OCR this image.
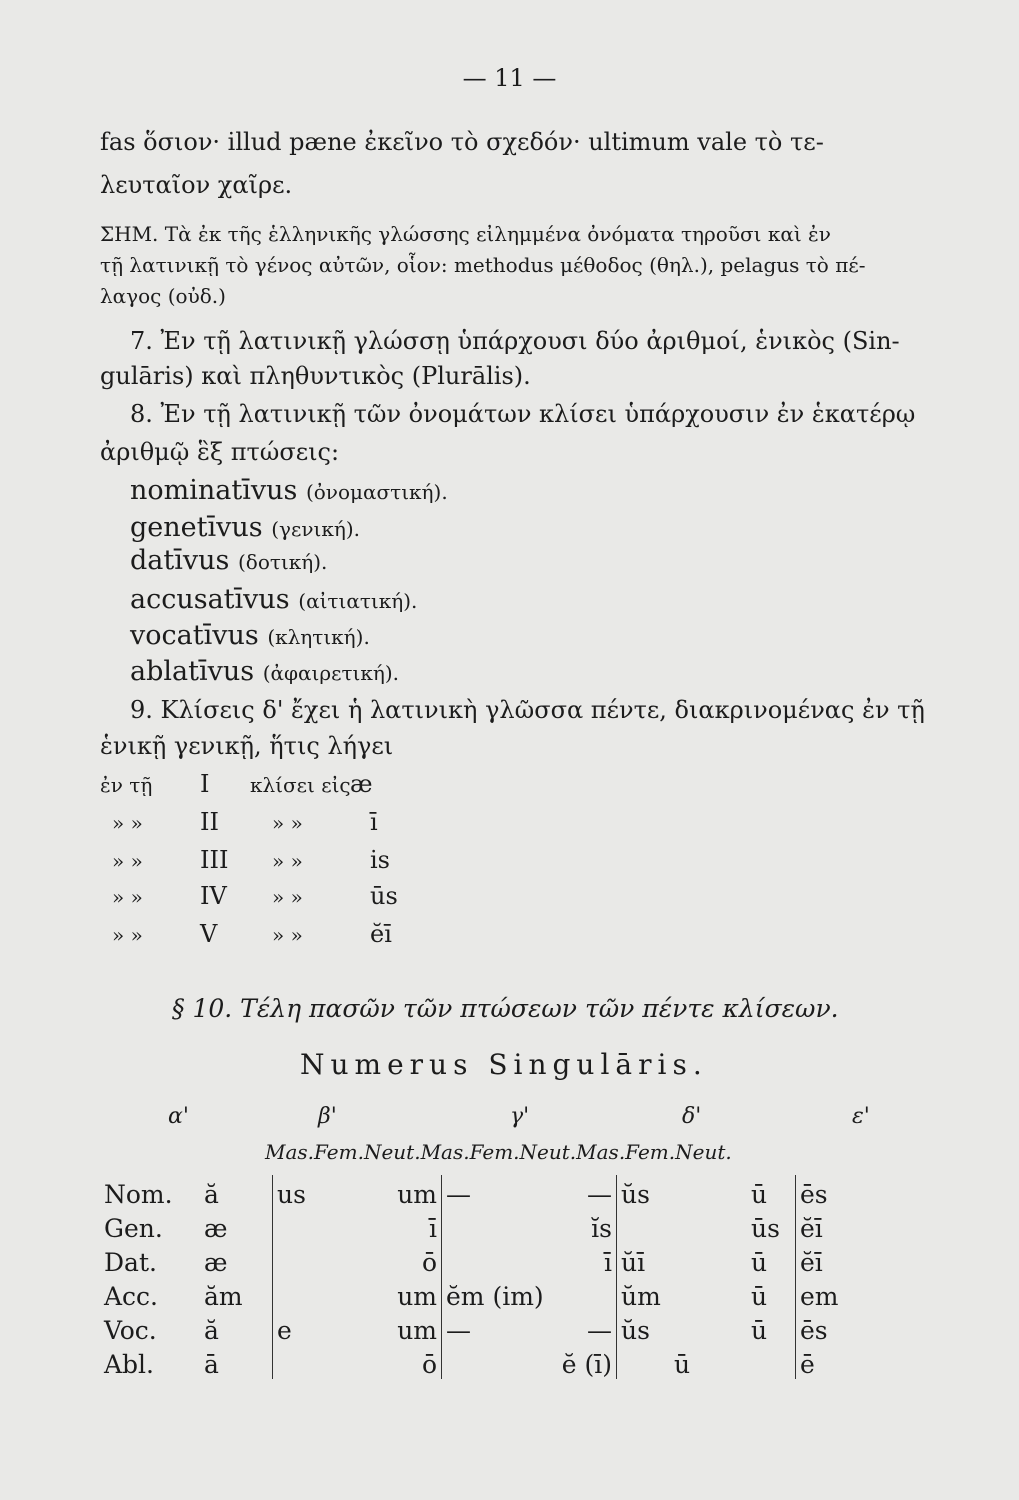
— 11 —
fas ὅσιον· illud pæne ἐκεῖνο τὸ σχεδόν· ultimum vale τὸ τε-
λευταῖον χαῖρε.
ΣΗΜ. Τὰ ἐκ τῆς ἑλληνικῆς γλώσσης εἰλημμένα ὀνόματα τηροῦσι καὶ ἐν
τῇ λατινικῇ τὸ γένος αὐτῶν, οἷον: methodus μέθοδος (θηλ.), pelagus τὸ πέ-
λαγος (οὐδ.)
7. Ἐν τῇ λατινικῇ γλώσσῃ ὑπάρχουσι δύο ἀριθμοί, ἑνικὸς (Sin-
gulāris) καὶ πληθυντικὸς (Plurālis).
8. Ἐν τῇ λατινικῇ τῶν ὀνομάτων κλίσει ὑπάρχουσιν ἐν ἑκατέρῳ
ἀριθμῷ ἓξ πτώσεις:
nominatīvus (ὀνομαστική).
genetīvus (γενική).
datīvus (δοτική).
accusatīvus (αἰτιατική).
vocatīvus (κλητική).
ablatīvus (ἀφαιρετική).
9. Κλίσεις δ' ἔχει ἡ λατινικὴ γλῶσσα πέντε, διακρινομένας ἐν τῇ
ἑνικῇ γενικῇ, ἥτις λήγει
ἐν τῇ I κλίσει εἰςæ
» » II	» »	ī
» » III » »	is
» » IV » »	ūs
» » V	» »	ĕī
§ 10. Τέλη πασῶν τῶν πτώσεων τῶν πέντε κλίσεων.
Numerus Singulāris.
α'	β'	γ'	δ'	ε'
Mas.Fem.Neut.Mas.Fem.Neut.Mas.Fem.Neut.
Nom.	ă	us	um	—	—	ŭs	ū	ēs
Gen.	æ		ī		ĭs		ūs	ĕī
Dat.	æ		ō		ī	ŭī	ū	ĕī
Acc.	ăm		um	ĕm (im)		ŭm	ū	em
Voc.	ă	e	um	—	—	ŭs	ū	ēs
Abl.	ā		ō		ĕ (ī)	ū		ē
